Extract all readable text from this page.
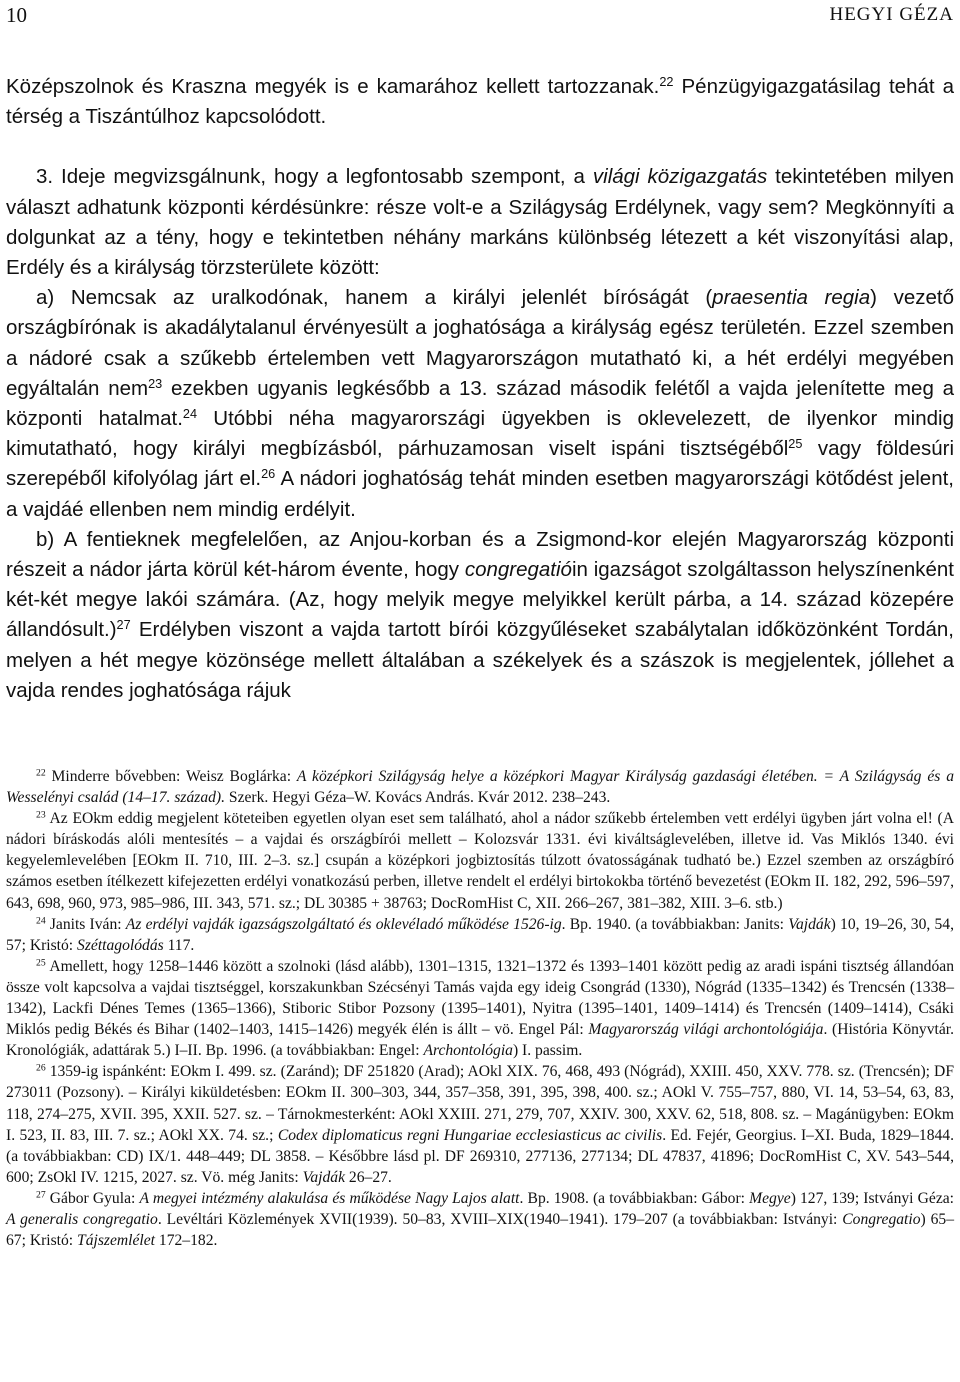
10	HEGYI GÉZA

Középszolnok és Kraszna megyék is e kamarához kellett tartozzanak.$^{22}$ Pénzügyigazgatásilag tehát a térség a Tiszántúlhoz kapcsolódott.

3. Ideje megvizsgálnunk, hogy a legfontosabb szempont, a világi közigazgatás tekintetében milyen választ adhatunk központi kérdésünkre: része volt-e a Szilágyság Erdélynek, vagy sem? Megkönnyíti a dolgunkat az a tény, hogy e tekintetben néhány markáns különbség létezett a két viszonyítási alap, Erdély és a királyság törzsterülete között:

a) Nemcsak az uralkodónak, hanem a királyi jelenlét bíróságát (praesentia regia) vezető országbírónak is akadálytalanul érvényesült a joghatósága a királyság egész területén. Ezzel szemben a nádoré csak a szűkebb értelemben vett Magyarországon mutatható ki, a hét erdélyi megyében egyáltalán nem$^{23}$ ezekben ugyanis legkésőbb a 13. század második felétől a vajda jelenítette meg a központi hatalmat.$^{24}$ Utóbbi néha magyarországi ügyekben is oklevelezett, de ilyenkor mindig kimutatható, hogy királyi megbízásból, párhuzamosan viselt ispáni tisztségéből$^{25}$ vagy földesúri szerepéből kifolyólag járt el.$^{26}$ A nádori joghatóság tehát minden esetben magyarországi kötődést jelent, a vajdáé ellenben nem mindig erdélyit.

b) A fentieknek megfelelően, az Anjou-korban és a Zsigmond-kor elején Magyarország központi részeit a nádor járta körül két-három évente, hogy congregatióin igazságot szolgáltasson helyszínenként két-két megye lakói számára. (Az, hogy melyik megye melyikkel került párba, a 14. század közepére állandósult.)$^{27}$ Erdélyben viszont a vajda tartott bírói közgyűléseket szabálytalan időközönként Tordán, melyen a hét megye közönsége mellett általában a székelyek és a szászok is megjelentek, jóllehet a vajda rendes joghatósága rájuk

$^{22}$ Minderre bővebben: Weisz Boglárka: A középkori Szilágyság helye a középkori Magyar Királyság gazdasági életében. = A Szilágyság és a Wesselényi család (14–17. század). Szerk. Hegyi Géza–W. Kovács András. Kvár 2012. 238–243.

$^{23}$ Az EOkm eddig megjelent köteteiben egyetlen olyan eset sem található, ahol a nádor szűkebb értelemben vett erdélyi ügyben járt volna el! (A nádori bíráskodás alóli mentesítés – a vajdai és országbírói mellett – Kolozsvár 1331. évi kiváltságlevelében, illetve id. Vas Miklós 1340. évi kegyelemlevelében [EOkm II. 710, III. 2–3. sz.] csupán a középkori jogbiztosítás túlzott óvatosságának tudható be.) Ezzel szemben az országbíró számos esetben ítélkezett kifejezetten erdélyi vonatkozású perben, illetve rendelt el erdélyi birtokokba történő bevezetést (EOkm II. 182, 292, 596–597, 643, 698, 960, 973, 985–986, III. 343, 571. sz.; DL 30385 + 38763; DocRomHist C, XII. 266–267, 381–382, XIII. 3–6. stb.)

$^{24}$ Janits Iván: Az erdélyi vajdák igazságszolgáltató és oklevéladó működése 1526-ig. Bp. 1940. (a továbbiakban: Janits: Vajdák) 10, 19–26, 30, 54, 57; Kristó: Széttagolódás 117.

$^{25}$ Amellett, hogy 1258–1446 között a szolnoki (lásd alább), 1301–1315, 1321–1372 és 1393–1401 között pedig az aradi ispáni tisztség állandóan össze volt kapcsolva a vajdai tisztséggel, korszakunkban Szécsényi Tamás vajda egy ideig Csongrád (1330), Nógrád (1335–1342) és Trencsén (1338–1342), Lackfi Dénes Temes (1365–1366), Stiboric Stibor Pozsony (1395–1401), Nyitra (1395–1401, 1409–1414) és Trencsén (1409–1414), Csáki Miklós pedig Békés és Bihar (1402–1403, 1415–1426) megyék élén is állt – vö. Engel Pál: Magyarország világi archontológiája. (História Könyvtár. Kronológiák, adattárak 5.) I–II. Bp. 1996. (a továbbiakban: Engel: Archontológia) I. passim.

$^{26}$ 1359-ig ispánként: EOkm I. 499. sz. (Zaránd); DF 251820 (Arad); AOkl XIX. 76, 468, 493 (Nógrád), XXIII. 450, XXV. 778. sz. (Trencsén); DF 273011 (Pozsony). – Királyi kiküldetésben: EOkm II. 300–303, 344, 357–358, 391, 395, 398, 400. sz.; AOkl V. 755–757, 880, VI. 14, 53–54, 63, 83, 118, 274–275, XVII. 395, XXII. 527. sz. – Tárnokmesterként: AOkl XXIII. 271, 279, 707, XXIV. 300, XXV. 62, 518, 808. sz. – Magánügyben: EOkm I. 523, II. 83, III. 7. sz.; AOkl XX. 74. sz.; Codex diplomaticus regni Hungariae ecclesiasticus ac civilis. Ed. Fejér, Georgius. I–XI. Buda, 1829–1844. (a továbbiakban: CD) IX/1. 448–449; DL 3858. – Későbbre lásd pl. DF 269310, 277136, 277134; DL 47837, 41896; DocRomHist C, XV. 543–544, 600; ZsOkl IV. 1215, 2027. sz. Vö. még Janits: Vajdák 26–27.

$^{27}$ Gábor Gyula: A megyei intézmény alakulása és működése Nagy Lajos alatt. Bp. 1908. (a továbbiakban: Gábor: Megye) 127, 139; Istványi Géza: A generalis congregatio. Levéltári Közlemények XVII(1939). 50–83, XVIII–XIX(1940–1941). 179–207 (a továbbiakban: Istványi: Congregatio) 65–67; Kristó: Tájszemlélet 172–182.
